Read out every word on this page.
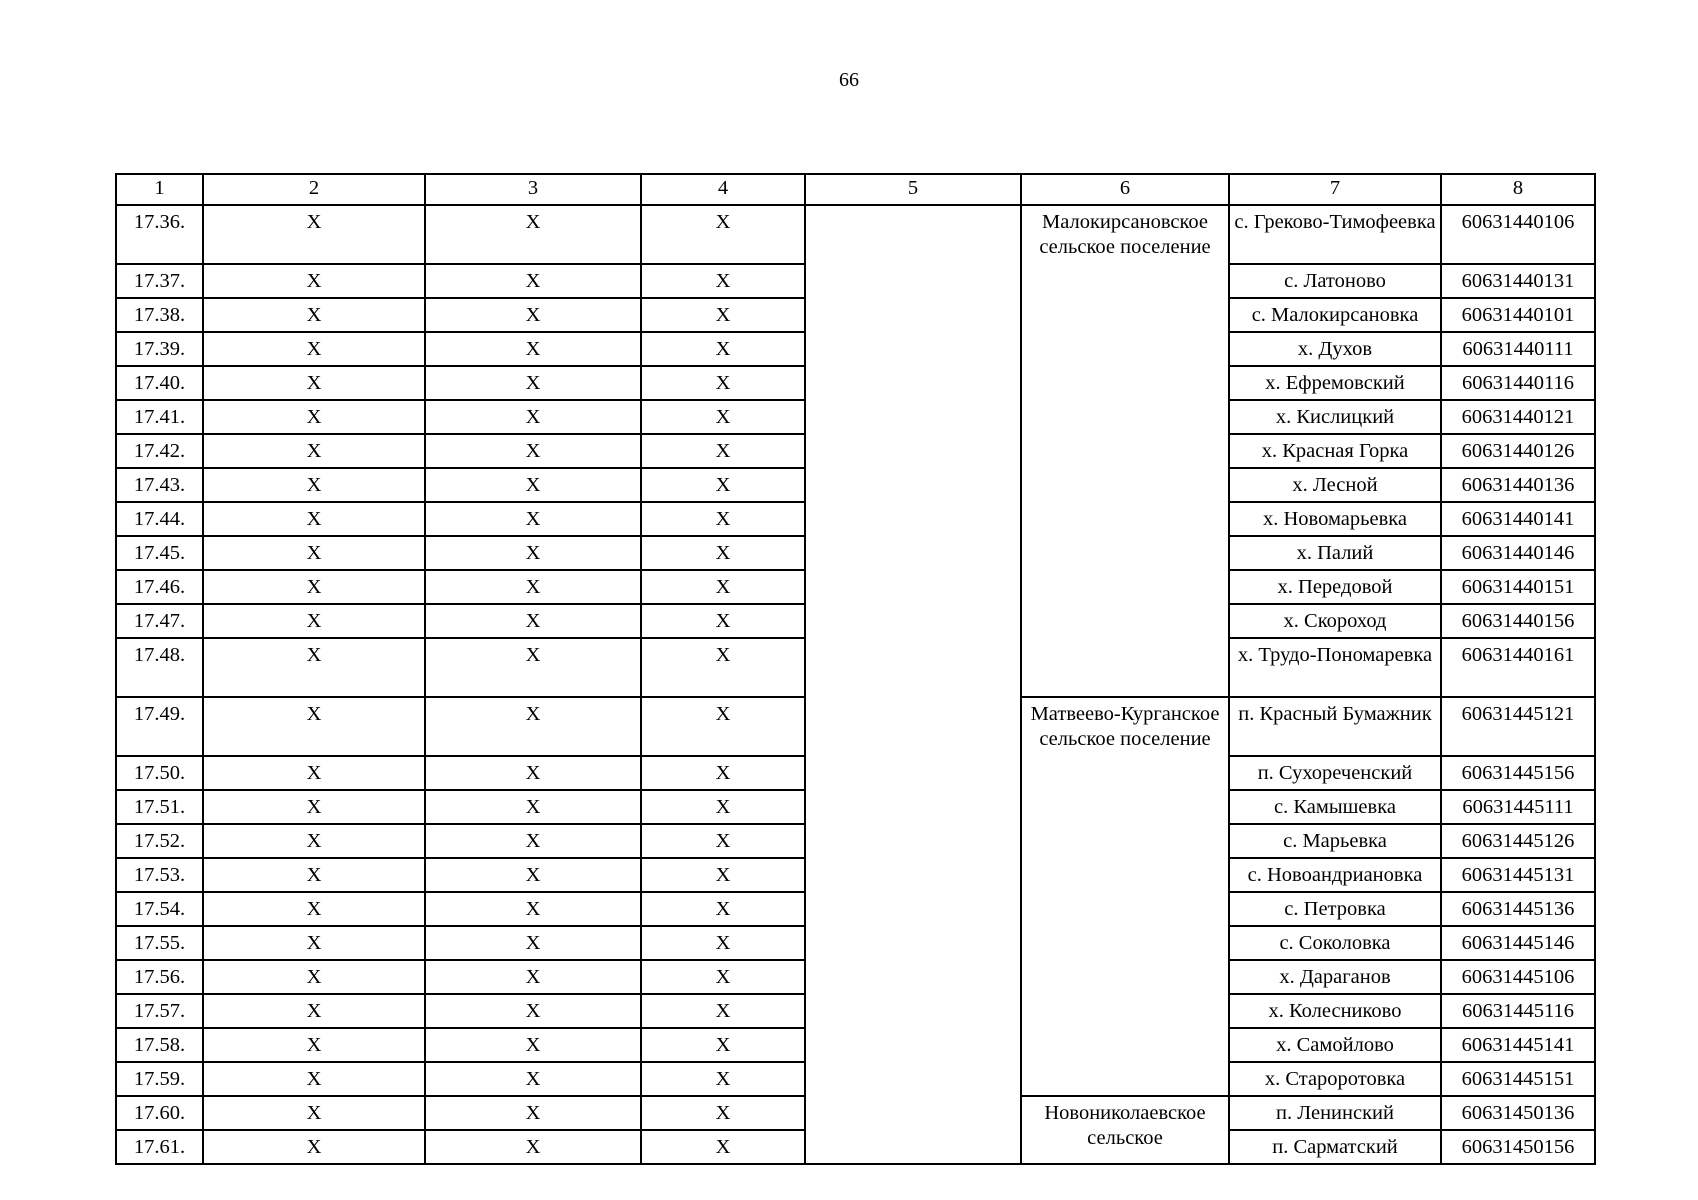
66
1	2	3	4	5	6	7	8
17.36.	X	X	X		Малокирсановское сельское поселение	с. Греково-Тимофеевка	60631440106
17.37.	X	X	X			с. Латоново	60631440131
17.38.	X	X	X			с. Малокирсановка	60631440101
17.39.	X	X	X			х. Духов	60631440111
17.40.	X	X	X			х. Ефремовский	60631440116
17.41.	X	X	X			х. Кислицкий	60631440121
17.42.	X	X	X			х. Красная Горка	60631440126
17.43.	X	X	X			х. Лесной	60631440136
17.44.	X	X	X			х. Новомарьевка	60631440141
17.45.	X	X	X			х. Палий	60631440146
17.46.	X	X	X			х. Передовой	60631440151
17.47.	X	X	X			х. Скороход	60631440156
17.48.	X	X	X			х. Трудо-Пономаревка	60631440161
17.49.	X	X	X		Матвеево-Курганское сельское поселение	п. Красный Бумажник	60631445121
17.50.	X	X	X			п. Сухореченский	60631445156
17.51.	X	X	X			с. Камышевка	60631445111
17.52.	X	X	X			с. Марьевка	60631445126
17.53.	X	X	X			с. Новоандриановка	60631445131
17.54.	X	X	X			с. Петровка	60631445136
17.55.	X	X	X			с. Соколовка	60631445146
17.56.	X	X	X			х. Дараганов	60631445106
17.57.	X	X	X			х. Колесниково	60631445116
17.58.	X	X	X			х. Самойлово	60631445141
17.59.	X	X	X			х. Староротовка	60631445151
17.60.	X	X	X		Новониколаевское сельское	п. Ленинский	60631450136
17.61.	X	X	X			п. Сарматский	60631450156
